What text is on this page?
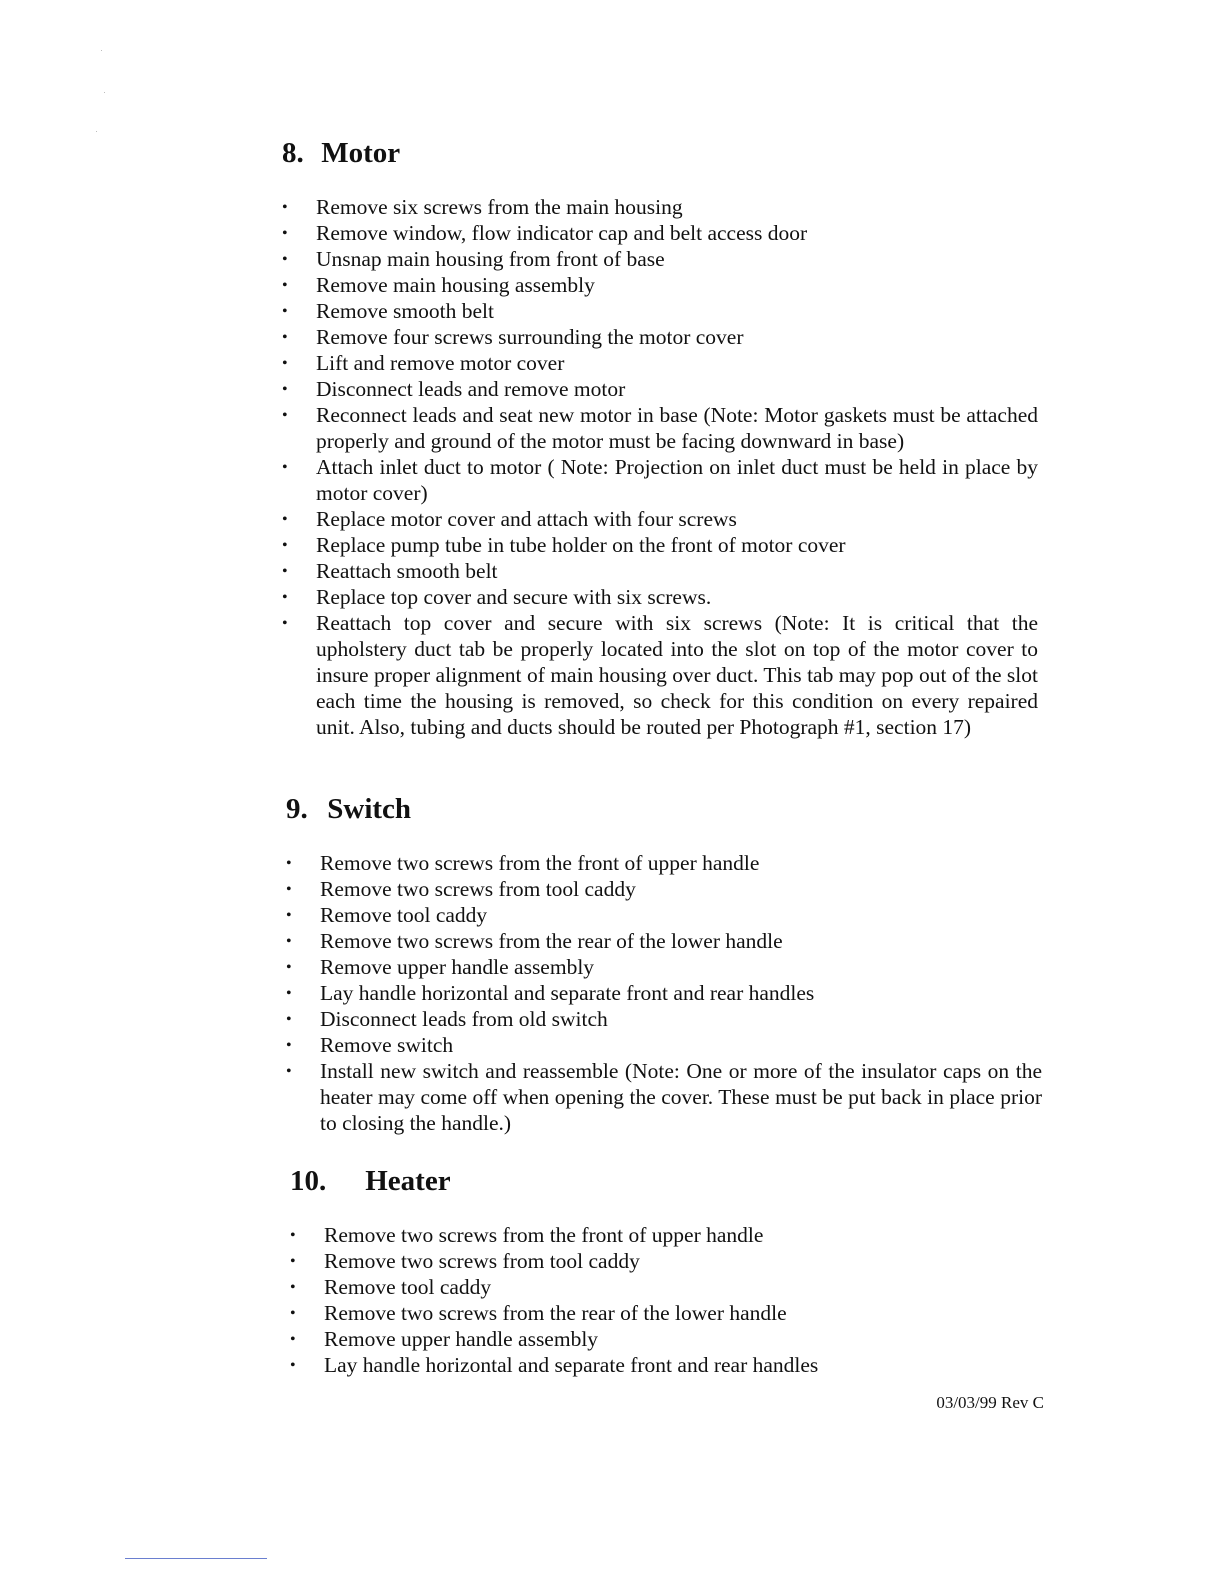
8. Motor
• Remove six screws from the main housing
• Remove window, flow indicator cap and belt access door
• Unsnap main housing from front of base
• Remove main housing assembly
• Remove smooth belt
• Remove four screws surrounding the motor cover
• Lift and remove motor cover
• Disconnect leads and remove motor
• Reconnect leads and seat new motor in base (Note: Motor gaskets must be attached properly and ground of the motor must be facing downward in base)
• Attach inlet duct to motor ( Note: Projection on inlet duct must be held in place by motor cover)
• Replace motor cover and attach with four screws
• Replace pump tube in tube holder on the front of motor cover
• Reattach smooth belt
• Replace top cover and secure with six screws.
• Reattach top cover and secure with six screws (Note: It is critical that the upholstery duct tab be properly located into the slot on top of the motor cover to insure proper alignment of main housing over duct. This tab may pop out of the slot each time the housing is removed, so check for this condition on every repaired unit. Also, tubing and ducts should be routed per Photograph #1, section 17)
9. Switch
• Remove two screws from the front of upper handle
• Remove two screws from tool caddy
• Remove tool caddy
• Remove two screws from the rear of the lower handle
• Remove upper handle assembly
• Lay handle horizontal and separate front and rear handles
• Disconnect leads from old switch
• Remove switch
• Install new switch and reassemble (Note: One or more of the insulator caps on the heater may come off when opening the cover. These must be put back in place prior to closing the handle.)
10. Heater
• Remove two screws from the front of upper handle
• Remove two screws from tool caddy
• Remove tool caddy
• Remove two screws from the rear of the lower handle
• Remove upper handle assembly
• Lay handle horizontal and separate front and rear handles
03/03/99 Rev C
